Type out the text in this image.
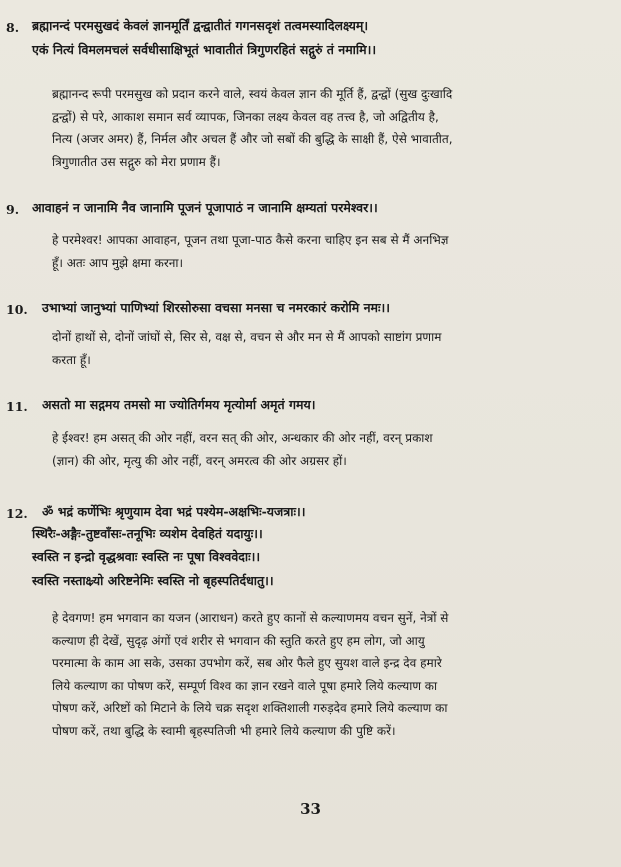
8. ब्रह्मानन्दं परमसुखदं केवलं ज्ञानमूर्तिं द्वन्द्वातीतं गगनसदृशं तत्वमस्यादिलक्ष्यम्।
एकं नित्यं विमलमचलं सर्वधीसाक्षिभूतं भावातीतं त्रिगुणरहितं सद्गुरुं तं नमामि।।
ब्रह्मानन्द रूपी परमसुख को प्रदान करने वाले, स्वयं केवल ज्ञान की मूर्ति हैं, द्वन्द्वों (सुख दुःखादि
द्वन्द्वों) से परे, आकाश समान सर्व व्यापक, जिनका लक्ष्य केवल वह तत्त्व है, जो अद्वितीय है,
नित्य (अजर अमर) हैं, निर्मल और अचल हैं और जो सबों की बुद्धि के साक्षी हैं, ऐसे भावातीत,
त्रिगुणातीत उस सद्गुरु को मेरा प्रणाम हैं।
9. आवाहनं न जानामि नैव जानामि पूजनं पूजापाठं न जानामि क्षम्यतां परमेश्वर।।
हे परमेश्वर! आपका आवाहन, पूजन तथा पूजा-पाठ कैसे करना चाहिए इन सब से मैं अनभिज्ञ
हूँ। अतः आप मुझे क्षमा करना।
10. उभाभ्यां जानुभ्यां पाणिभ्यां शिरसोरुसा वचसा मनसा च नमरकारं करोमि नमः।।
दोनों हाथों से, दोनों जांघों से, सिर से, वक्ष से, वचन से और मन से मैं आपको साष्टांग प्रणाम
करता हूँ।
11. असतो मा सद्गमय तमसो मा ज्योतिर्गमय मृत्योर्मा अमृतं गमय।
हे ईश्वर! हम असत् की ओर नहीं, वरन सत् की ओर, अन्धकार की ओर नहीं, वरन् प्रकाश
(ज्ञान) की ओर, मृत्यु की ओर नहीं, वरन् अमरत्व की ओर अग्रसर हों।
12. ॐ भद्रं कर्णेभिः श्रृणुयाम देवा भद्रं पश्येम-अक्षभिः-यजत्राः।।
स्थिरैः-अङ्गैः-तुष्टवाँसः-तनूभिः व्यशेम देवहितं यदायुः।।
स्वस्ति न इन्द्रो वृद्धश्रवाः स्वस्ति नः पूषा विश्ववेदाः।।
स्वस्ति नस्ताक्ष्र्यो अरिष्टनेमिः स्वस्ति नो बृहस्पतिर्दधातु।।
हे देवगण! हम भगवान का यजन (आराधन) करते हुए कानों से कल्याणमय वचन सुनें, नेत्रों से
कल्याण ही देखें, सुदृढ़ अंगों एवं शरीर से भगवान की स्तुति करते हुए हम लोग, जो आयु
परमात्मा के काम आ सके, उसका उपभोग करें, सब ओर फैले हुए सुयश वाले इन्द्र देव हमारे
लिये कल्याण का पोषण करें, सम्पूर्ण विश्व का ज्ञान रखने वाले पूषा हमारे लिये कल्याण का
पोषण करें, अरिष्टों को मिटाने के लिये चक्र सदृश शक्तिशाली गरुड़देव हमारे लिये कल्याण का
पोषण करें, तथा बुद्धि के स्वामी बृहस्पतिजी भी हमारे लिये कल्याण की पुष्टि करें।
33
